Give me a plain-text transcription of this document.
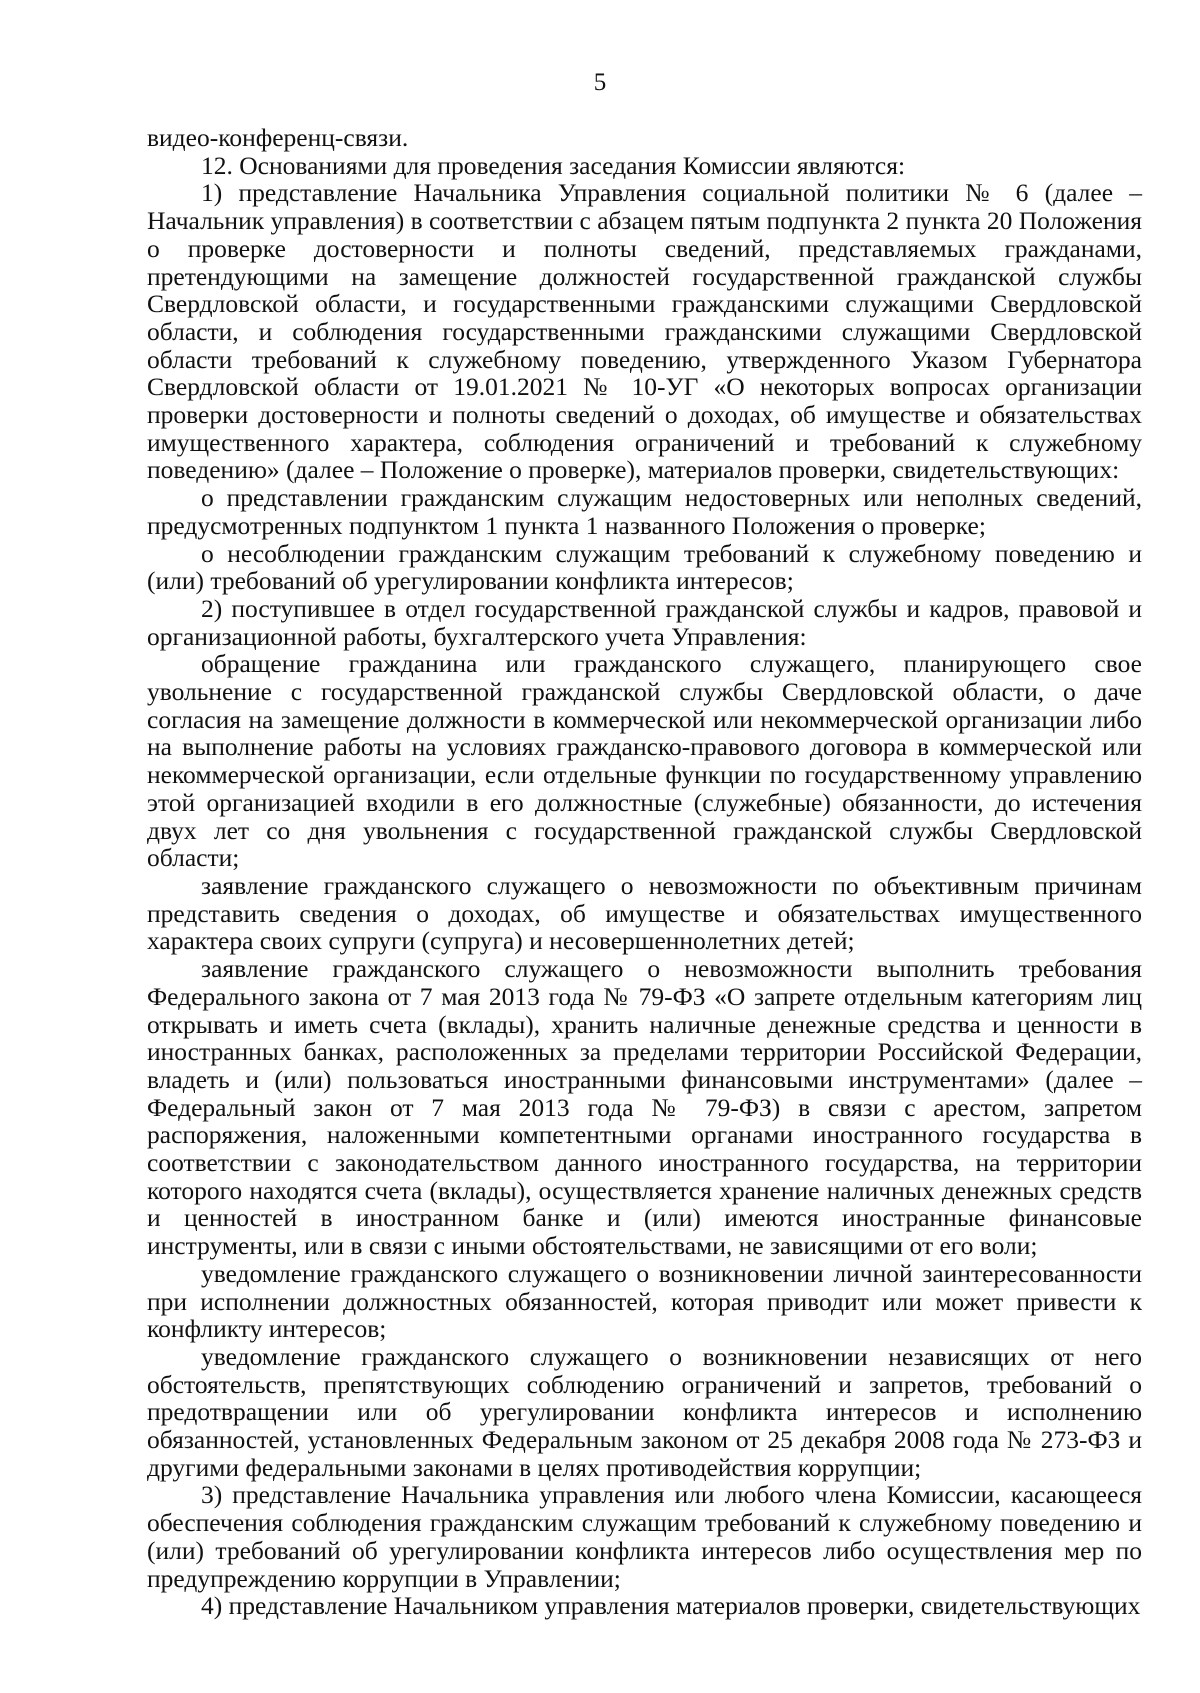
5

видео-конференц-связи.

12. Основаниями для проведения заседания Комиссии являются:

1) представление Начальника Управления социальной политики № 6 (далее – Начальник управления) в соответствии с абзацем пятым подпункта 2 пункта 20 Положения о проверке достоверности и полноты сведений, представляемых гражданами, претендующими на замещение должностей государственной гражданской службы Свердловской области, и государственными гражданскими служащими Свердловской области, и соблюдения государственными гражданскими служащими Свердловской области требований к служебному поведению, утвержденного Указом Губернатора Свердловской области от 19.01.2021 № 10-УГ «О некоторых вопросах организации проверки достоверности и полноты сведений о доходах, об имуществе и обязательствах имущественного характера, соблюдения ограничений и требований к служебному поведению» (далее – Положение о проверке), материалов проверки, свидетельствующих:

о представлении гражданским служащим недостоверных или неполных сведений, предусмотренных подпунктом 1 пункта 1 названного Положения о проверке;

о несоблюдении гражданским служащим требований к служебному поведению и (или) требований об урегулировании конфликта интересов;

2) поступившее в отдел государственной гражданской службы и кадров, правовой и организационной работы, бухгалтерского учета Управления:

обращение гражданина или гражданского служащего, планирующего свое увольнение с государственной гражданской службы Свердловской области, о даче согласия на замещение должности в коммерческой или некоммерческой организации либо на выполнение работы на условиях гражданско-правового договора в коммерческой или некоммерческой организации, если отдельные функции по государственному управлению этой организацией входили в его должностные (служебные) обязанности, до истечения двух лет со дня увольнения с государственной гражданской службы Свердловской области;

заявление гражданского служащего о невозможности по объективным причинам представить сведения о доходах, об имуществе и обязательствах имущественного характера своих супруги (супруга) и несовершеннолетних детей;

заявление гражданского служащего о невозможности выполнить требования Федерального закона от 7 мая 2013 года № 79-ФЗ «О запрете отдельным категориям лиц открывать и иметь счета (вклады), хранить наличные денежные средства и ценности в иностранных банках, расположенных за пределами территории Российской Федерации, владеть и (или) пользоваться иностранными финансовыми инструментами» (далее – Федеральный закон от 7 мая 2013 года № 79-ФЗ) в связи с арестом, запретом распоряжения, наложенными компетентными органами иностранного государства в соответствии с законодательством данного иностранного государства, на территории которого находятся счета (вклады), осуществляется хранение наличных денежных средств и ценностей в иностранном банке и (или) имеются иностранные финансовые инструменты, или в связи с иными обстоятельствами, не зависящими от его воли;

уведомление гражданского служащего о возникновении личной заинтересованности при исполнении должностных обязанностей, которая приводит или может привести к конфликту интересов;

уведомление гражданского служащего о возникновении независящих от него обстоятельств, препятствующих соблюдению ограничений и запретов, требований о предотвращении или об урегулировании конфликта интересов и исполнению обязанностей, установленных Федеральным законом от 25 декабря 2008 года № 273-ФЗ и другими федеральными законами в целях противодействия коррупции;

3) представление Начальника управления или любого члена Комиссии, касающееся обеспечения соблюдения гражданским служащим требований к служебному поведению и (или) требований об урегулировании конфликта интересов либо осуществления мер по предупреждению коррупции в Управлении;

4) представление Начальником управления материалов проверки, свидетельствующих
